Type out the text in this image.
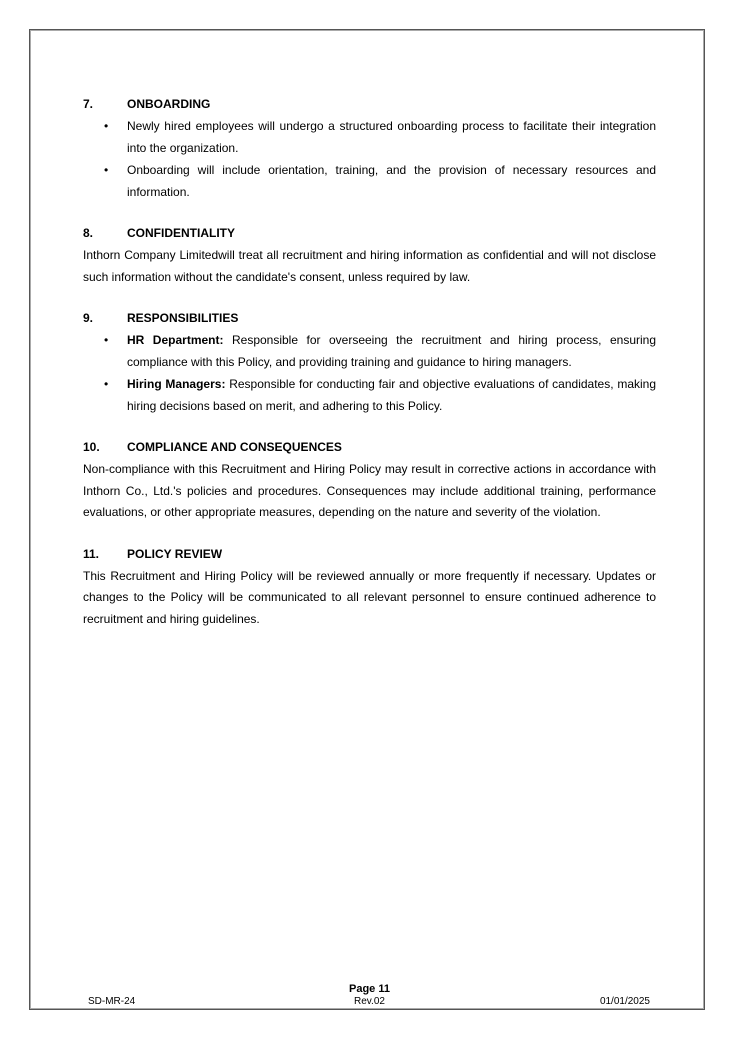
7.	ONBOARDING
• Newly hired employees will undergo a structured onboarding process to facilitate their integration into the organization.
• Onboarding will include orientation, training, and the provision of necessary resources and information.
8.	CONFIDENTIALITY
Inthorn Company Limitedwill treat all recruitment and hiring information as confidential and will not disclose such information without the candidate's consent, unless required by law.
9.	RESPONSIBILITIES
• HR Department: Responsible for overseeing the recruitment and hiring process, ensuring compliance with this Policy, and providing training and guidance to hiring managers.
• Hiring Managers: Responsible for conducting fair and objective evaluations of candidates, making hiring decisions based on merit, and adhering to this Policy.
10.	COMPLIANCE AND CONSEQUENCES
Non-compliance with this Recruitment and Hiring Policy may result in corrective actions in accordance with Inthorn Co., Ltd.'s policies and procedures. Consequences may include additional training, performance evaluations, or other appropriate measures, depending on the nature and severity of the violation.
11.	POLICY REVIEW
This Recruitment and Hiring Policy will be reviewed annually or more frequently if necessary. Updates or changes to the Policy will be communicated to all relevant personnel to ensure continued adherence to recruitment and hiring guidelines.
Page 11
SD-MR-24	Rev.02	01/01/2025
